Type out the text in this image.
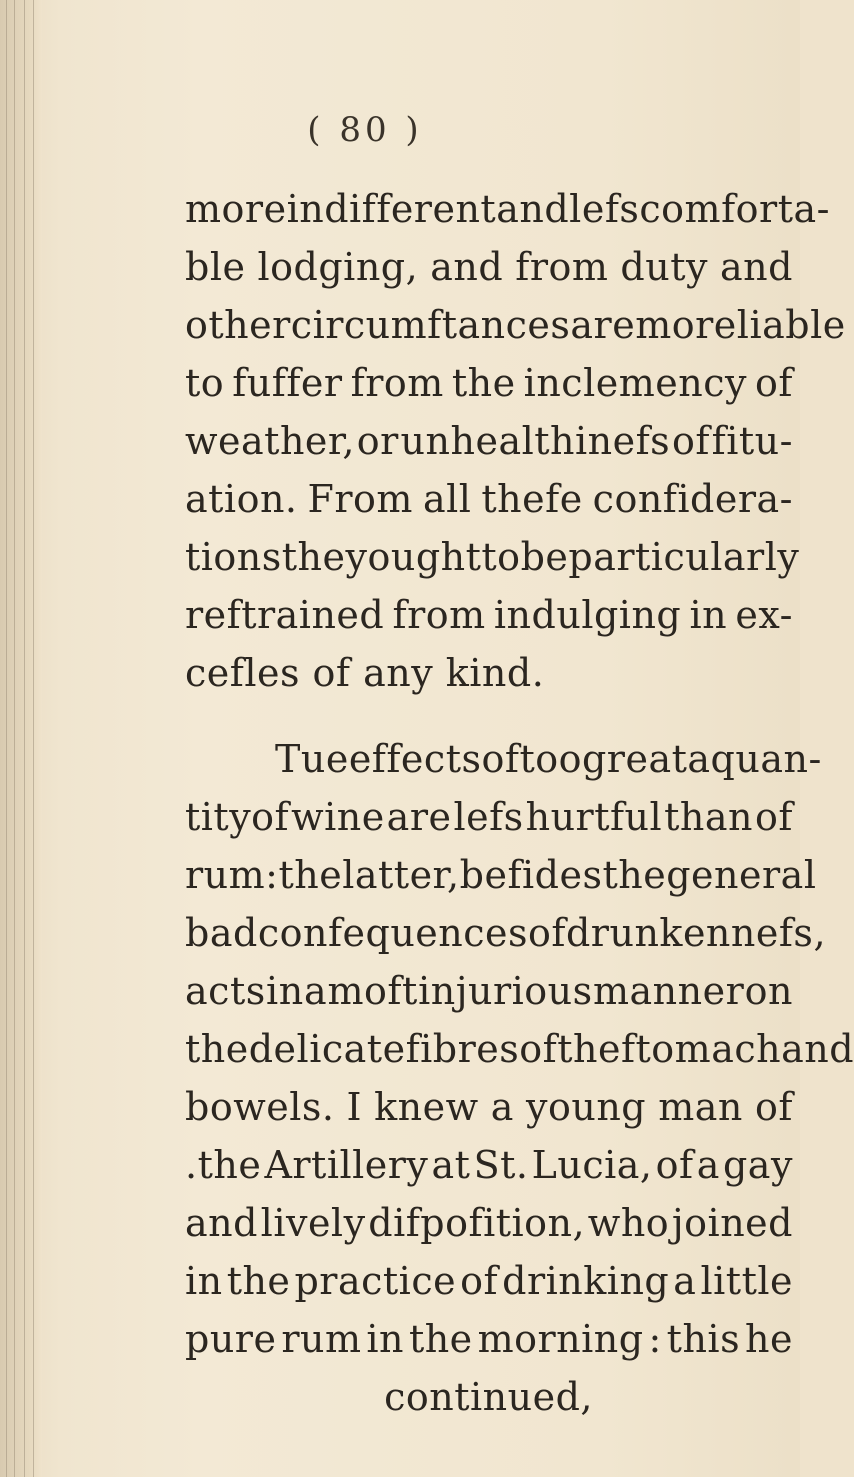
( 80 )
more indifferent and lefs comforta-
ble lodging, and from duty and
other circumftances are more liable
to fuffer from the inclemency of
weather, or unhealthinefs of fitu-
ation. From all thefe confidera-
tions they ought to be particularly
reftrained from indulging in ex-
cefles of any kind.
Tue effects of too great a quan-
tityof wine are lefs hurtful than of
rum : the latter, befides the general
bad confequences of drunkennefs,
acts in a moft injurious manner on
the delicate fibres of the ftomach and
bowels. I knew a young man of
.the Artillery at St. Lucia, of a gay
and lively difpofition, who joined
in the practice of drinking a little
pure rum in the morning : this he
continued,
